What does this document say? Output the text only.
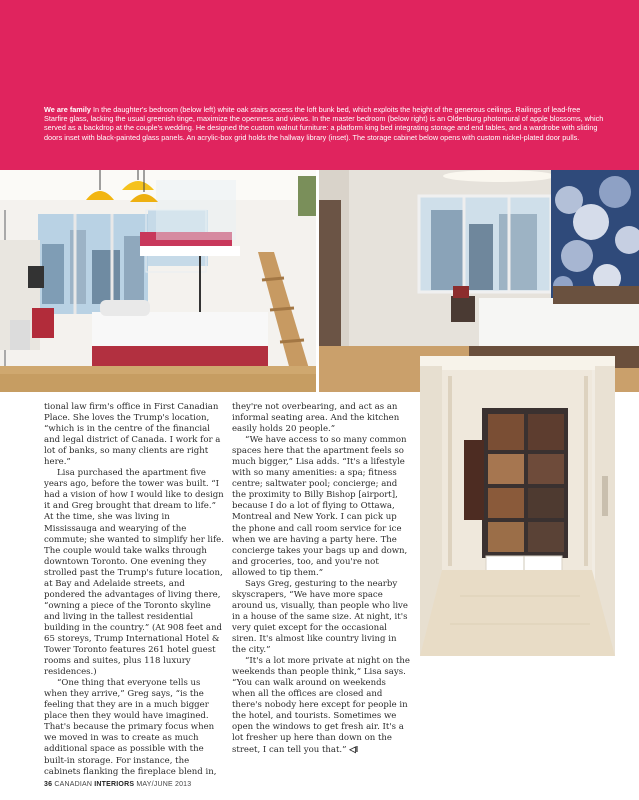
We are family In the daughter's bedroom (below left) white oak stairs access the loft bunk bed, which exploits the height of the generous ceilings. Railings of lead-free Starfire glass, lacking the usual greenish tinge, maximize the openness and views. In the master bedroom (below right) is an Oldenburg photomural of apple blossoms, which served as a backdrop at the couple's wedding. He designed the custom walnut furniture: a platform king bed integrating storage and end tables, and a wardrobe with sliding doors inset with black-painted glass panels. An acrylic-box grid holds the hallway library (inset). The storage cabinet below opens with custom nickel-plated door pulls.

tional law firm's office in First Canadian Place. She loves the Trump's location, “which is in the centre of the financial and legal district of Canada. I work for a lot of banks, so many clients are right here.”

Lisa purchased the apartment five years ago, before the tower was built. “I had a vision of how I would like to design it and Greg brought that dream to life.” At the time, she was living in Mississauga and wearying of the commute; she wanted to simplify her life. The couple would take walks through downtown Toronto. One evening they strolled past the Trump's future location, at Bay and Adelaide streets, and pondered the advantages of living there, “owning a piece of the Toronto skyline and living in the tallest residential building in the country.” (At 908 feet and 65 storeys, Trump International Hotel & Tower Toronto features 261 hotel guest rooms and suites, plus 118 luxury residences.)

“One thing that everyone tells us when they arrive,” Greg says, “is the feeling that they are in a much bigger place then they would have imagined. That's because the primary focus when we moved in was to create as much additional space as possible with the built-in storage. For instance, the cabinets flanking the fireplace blend in,

they're not overbearing, and act as an informal seating area. And the kitchen easily holds 20 people.”

“We have access to so many common spaces here that the apartment feels so much bigger,” Lisa adds. “It's a lifestyle with so many amenities: a spa; fitness centre; saltwater pool; concierge; and the proximity to Billy Bishop [airport], because I do a lot of flying to Ottawa, Montreal and New York. I can pick up the phone and call room service for ice when we are having a party here. The concierge takes your bags up and down, and groceries, too, and you're not allowed to tip them.”

Says Greg, gesturing to the nearby skyscrapers, “We have more space around us, visually, than people who live in a house of the same size. At night, it's very quiet except for the occasional siren. It's almost like country living in the city.”

“It's a lot more private at night on the weekends than people think,” Lisa says. “You can walk around on weekends when all the offices are closed and there's nobody here except for people in the hotel, and tourists. Sometimes we open the windows to get fresh air. It's a lot fresher up here than down on the street, I can tell you that.” ◁I

36 CANADIAN INTERIORS MAY/JUNE 2013
